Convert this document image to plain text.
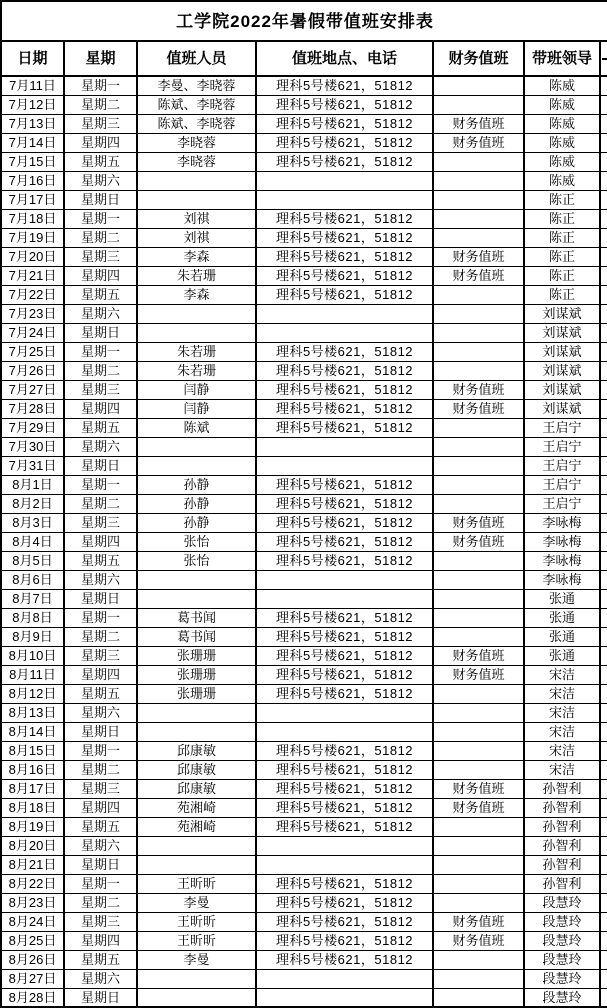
工学院2022年暑假带值班安排表						
日期	星期	值班人员	值班地点、电话	财务值班	带班领导	
7月11日	星期一	李曼、李晓蓉	理科5号楼621，51812		陈威	
7月12日	星期二	陈斌、李晓蓉	理科5号楼621，51812		陈威	
7月13日	星期三	陈斌、李晓蓉	理科5号楼621，51812	财务值班	陈威	
7月14日	星期四	李晓蓉	理科5号楼621，51812	财务值班	陈威	
7月15日	星期五	李晓蓉	理科5号楼621，51812		陈威	
7月16日	星期六				陈威	
7月17日	星期日				陈正	
7月18日	星期一	刘祺	理科5号楼621，51812		陈正	
7月19日	星期二	刘祺	理科5号楼621，51812		陈正	
7月20日	星期三	李森	理科5号楼621，51812	财务值班	陈正	
7月21日	星期四	朱若珊	理科5号楼621，51812	财务值班	陈正	
7月22日	星期五	李森	理科5号楼621，51812		陈正	
7月23日	星期六				刘谋斌	
7月24日	星期日				刘谋斌	
7月25日	星期一	朱若珊	理科5号楼621，51812		刘谋斌	
7月26日	星期二	朱若珊	理科5号楼621，51812		刘谋斌	
7月27日	星期三	闫静	理科5号楼621，51812	财务值班	刘谋斌	
7月28日	星期四	闫静	理科5号楼621，51812	财务值班	刘谋斌	
7月29日	星期五	陈斌	理科5号楼621，51812		王启宁	
7月30日	星期六				王启宁	
7月31日	星期日				王启宁	
8月1日	星期一	孙静	理科5号楼621，51812		王启宁	
8月2日	星期二	孙静	理科5号楼621，51812		王启宁	
8月3日	星期三	孙静	理科5号楼621，51812	财务值班	李咏梅	
8月4日	星期四	张怡	理科5号楼621，51812	财务值班	李咏梅	
8月5日	星期五	张怡	理科5号楼621，51812		李咏梅	
8月6日	星期六				李咏梅	
8月7日	星期日				张通	
8月8日	星期一	葛书闻	理科5号楼621，51812		张通	
8月9日	星期二	葛书闻	理科5号楼621，51812		张通	
8月10日	星期三	张珊珊	理科5号楼621，51812	财务值班	张通	
8月11日	星期四	张珊珊	理科5号楼621，51812	财务值班	宋洁	
8月12日	星期五	张珊珊	理科5号楼621，51812		宋洁	
8月13日	星期六				宋洁	
8月14日	星期日				宋洁	
8月15日	星期一	邱康敏	理科5号楼621，51812		宋洁	
8月16日	星期二	邱康敏	理科5号楼621，51812		宋洁	
8月17日	星期三	邱康敏	理科5号楼621，51812	财务值班	孙智利	
8月18日	星期四	苑湘崎	理科5号楼621，51812	财务值班	孙智利	
8月19日	星期五	苑湘崎	理科5号楼621，51812		孙智利	
8月20日	星期六				孙智利	
8月21日	星期日				孙智利	
8月22日	星期一	王昕昕	理科5号楼621，51812		孙智利	
8月23日	星期二	李曼	理科5号楼621，51812		段慧玲	
8月24日	星期三	王昕昕	理科5号楼621，51812	财务值班	段慧玲	
8月25日	星期四	王昕昕	理科5号楼621，51812	财务值班	段慧玲	
8月26日	星期五	李曼	理科5号楼621，51812		段慧玲	
8月27日	星期六				段慧玲	
8月28日	星期日				段慧玲	
